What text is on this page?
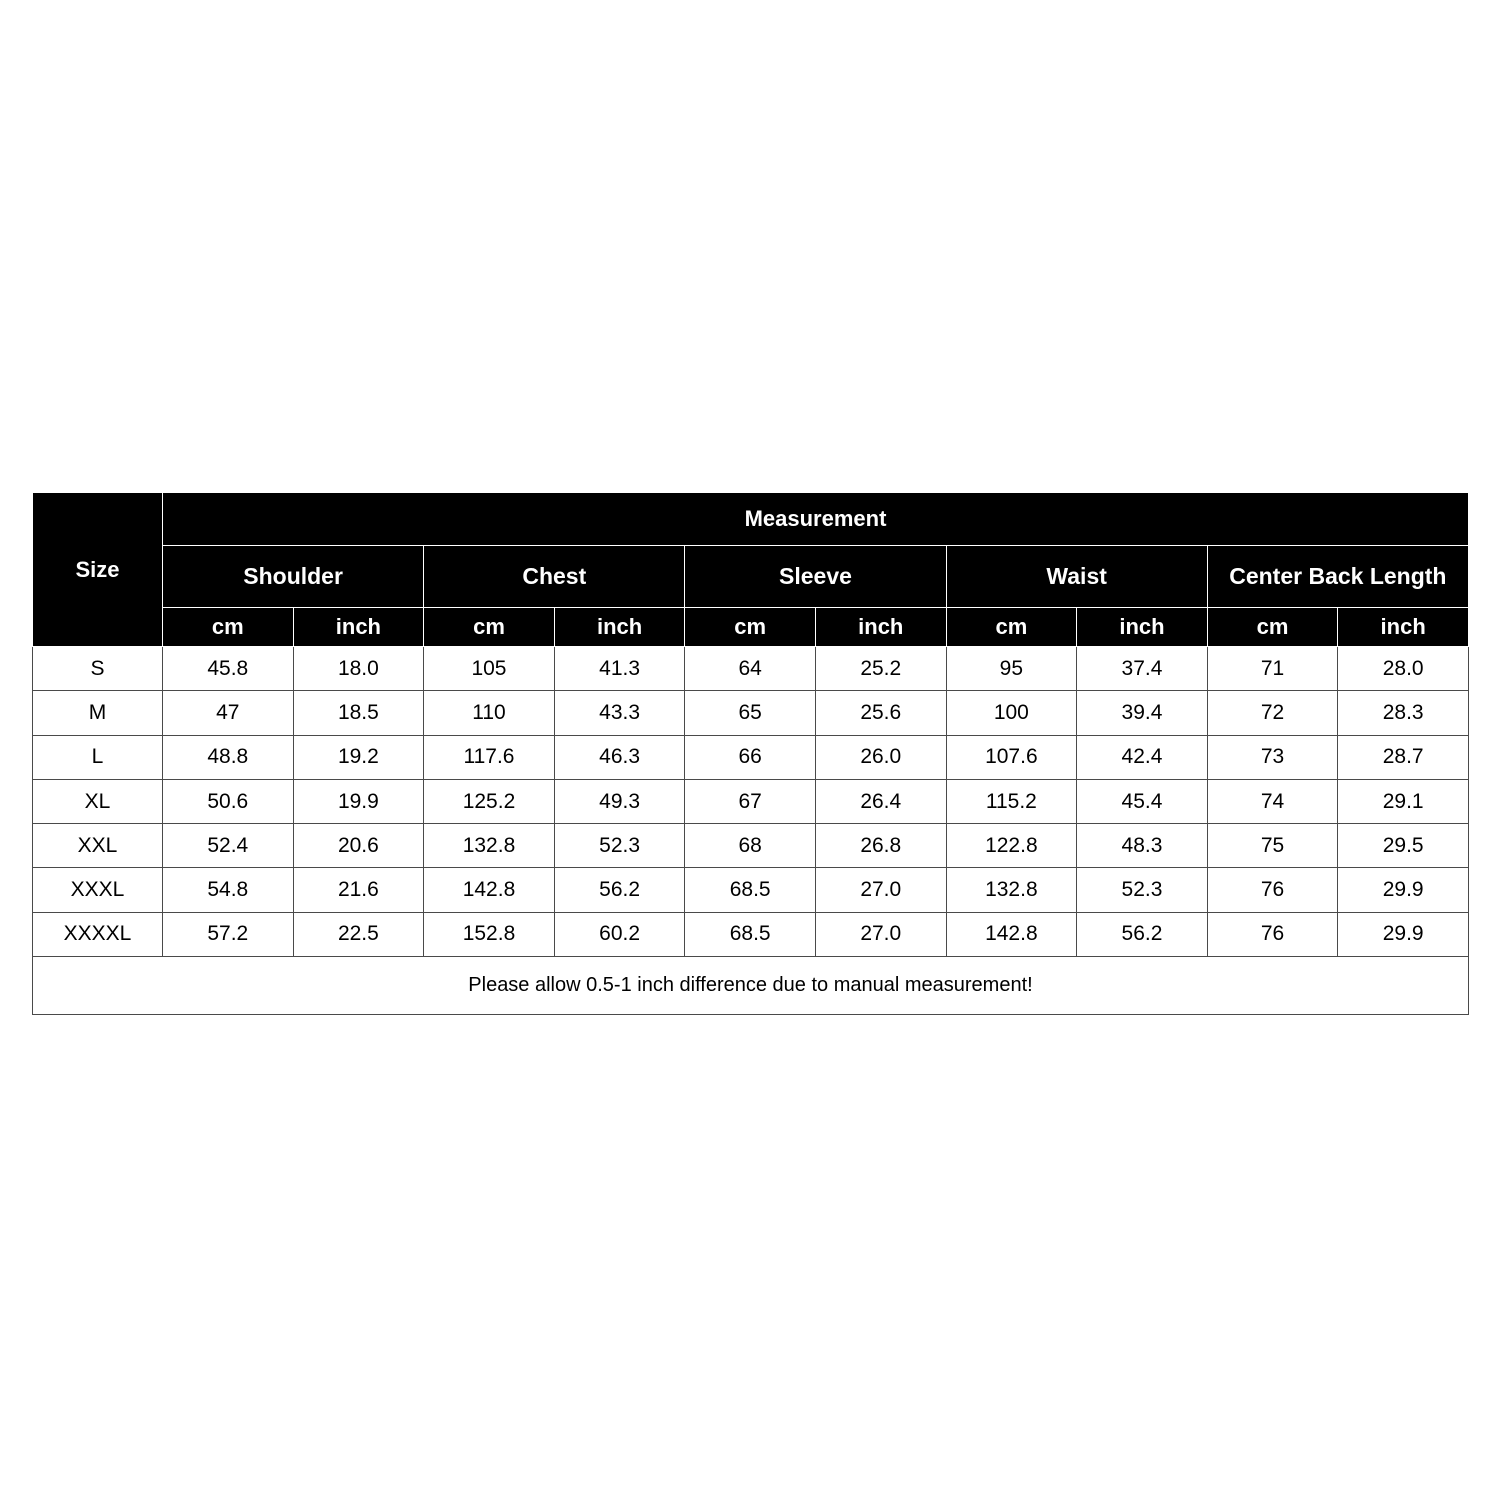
Size	Measurement									
	Shoulder		Chest		Sleeve		Waist		Center Back Length	
	cm	inch	cm	inch	cm	inch	cm	inch	cm	inch
S	45.8	18.0	105	41.3	64	25.2	95	37.4	71	28.0
M	47	18.5	110	43.3	65	25.6	100	39.4	72	28.3
L	48.8	19.2	117.6	46.3	66	26.0	107.6	42.4	73	28.7
XL	50.6	19.9	125.2	49.3	67	26.4	115.2	45.4	74	29.1
XXL	52.4	20.6	132.8	52.3	68	26.8	122.8	48.3	75	29.5
XXXL	54.8	21.6	142.8	56.2	68.5	27.0	132.8	52.3	76	29.9
XXXXL	57.2	22.5	152.8	60.2	68.5	27.0	142.8	56.2	76	29.9
Please allow 0.5-1 inch difference due to manual measurement!										
